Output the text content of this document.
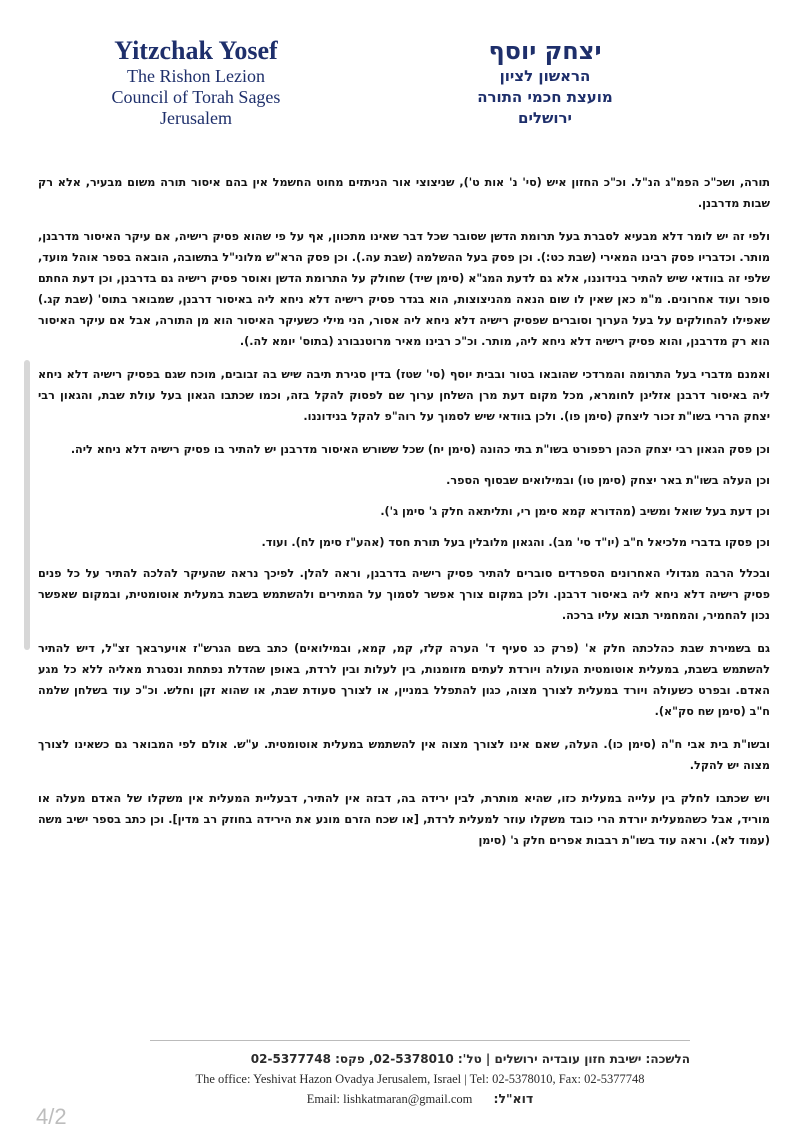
Yitzchak Yosef
The Rishon Lezion
Council of Torah Sages
Jerusalem
יצחק יוסף
הראשון לציון
מועצת חכמי התורה
ירושלים

תורה, ושכ"כ הפמ"ג הנ"ל. וכ"כ החזון איש (סי' נ' אות ט'), שניצוצי אור הניתזים מחוט החשמל אין בהם איסור תורה משום מבעיר, אלא רק שבות מדרבנן.

ולפי זה יש לומר דלא מבעיא לסברת בעל תרומת הדשן שסובר שכל דבר שאינו מתכוון, אף על פי שהוא פסיק רישיה, אם עיקר האיסור מדרבנן, מותר. וכדבריו פסק רבינו המאירי (שבת כט:). וכן פסק בעל ההשלמה (שבת עה.). וכן פסק הרא"ש מלוני"ל בתשובה, הובאה בספר אוהל מועד, שלפי זה בוודאי שיש להתיר בנידוננו, אלא גם לדעת המג"א (סימן שיד) שחולק על התרומת הדשן ואוסר פסיק רישיה גם בדרבנן, וכן דעת החתם סופר ועוד אחרונים. מ"מ כאן שאין לו שום הנאה מהניצוצות, הוא בגדר פסיק רישיה דלא ניחא ליה באיסור דרבנן, שמבואר בתוס' (שבת קג.) שאפילו להחולקים על בעל הערוך וסוברים שפסיק רישיה דלא ניחא ליה אסור, הני מילי כשעיקר האיסור הוא מן התורה, אבל אם עיקר האיסור הוא רק מדרבנן, והוא פסיק רישיה דלא ניחא ליה, מותר. וכ"כ רבינו מאיר מרוטנבורג (בתוס' יומא לה.).

ואמנם מדברי בעל התרומה והמרדכי שהובאו בטור ובבית יוסף (סי' שטז) בדין סגירת תיבה שיש בה זבובים, מוכח שגם בפסיק רישיה דלא ניחא ליה באיסור דרבנן אזלינן לחומרא, מכל מקום דעת מרן השלחן ערוך שם לפסוק להקל בזה, וכמו שכתבו הגאון בעל עולת שבת, והגאון רבי יצחק הררי בשו"ת זכור ליצחק (סימן פו). ולכן בוודאי שיש לסמוך על רוה"פ להקל בנידוננו.

וכן פסק הגאון רבי יצחק הכהן רפפורט בשו"ת בתי כהונה (סימן יח) שכל ששורש האיסור מדרבנן יש להתיר בו פסיק רישיה דלא ניחא ליה.

וכן העלה בשו"ת באר יצחק (סימן טו) ובמילואים שבסוף הספר.

וכן דעת בעל שואל ומשיב (מהדורא קמא סימן רי, ותליתאה חלק ג' סימן ג').

וכן פסקו בדברי מלכיאל ח"ב (יו"ד סי' מב). והגאון מלובלין בעל תורת חסד (אהע"ז סימן לח). ועוד.

ובכלל הרבה מגדולי האחרונים הספרדים סוברים להתיר פסיק רישיה בדרבנן, וראה להלן. לפיכך נראה שהעיקר להלכה להתיר על כל פנים פסיק רישיה דלא ניחא ליה באיסור דרבנן. ולכן במקום צורך אפשר לסמוך על המתירים ולהשתמש בשבת במעלית אוטומטית, ובמקום שאפשר נכון להחמיר, והמחמיר תבוא עליו ברכה.

גם בשמירת שבת כהלכתה חלק א' (פרק כג סעיף ד' הערה קלז, קמ, קמא, ובמילואים) כתב בשם הגרש"ז אויערבאך זצ"ל, דיש להתיר להשתמש בשבת, במעלית אוטומטית העולה ויורדת לעתים מזומנות, בין לעלות ובין לרדת, באופן שהדלת נפתחת ונסגרת מאליה ללא כל מגע האדם. ובפרט כשעולה ויורד במעלית לצורך מצוה, כגון להתפלל במניין, או לצורך סעודת שבת, או שהוא זקן וחלש. וכ"כ עוד בשלחן שלמה ח"ב (סימן שח סק"א).

ובשו"ת בית אבי ח"ה (סימן כו). העלה, שאם אינו לצורך מצוה אין להשתמש במעלית אוטומטית. ע"ש. אולם לפי המבואר גם כשאינו לצורך מצוה יש להקל.

ויש שכתבו לחלק בין עלייה במעלית כזו, שהיא מותרת, לבין ירידה בה, דבזה אין להתיר, דבעליית המעלית אין משקלו של האדם מעלה או מוריד, אבל כשהמעלית יורדת הרי כובד משקלו עוזר למעלית לרדת, [או שכח הזרם מונע את הירידה בחוזק רב מדין]. וכן כתב בספר ישיב משה (עמוד לא). וראה עוד בשו"ת רבבות אפרים חלק ג' (סימן

הלשכה: ישיבת חזון עובדיה ירושלים | טל': 02-5378010, פקס: 02-5377748
The office: Yeshivat Hazon Ovadya Jerusalem, Israel | Tel: 02-5378010, Fax: 02-5377748
Email: lishkatmaran@gmail.com דוא"ל:
4/2
